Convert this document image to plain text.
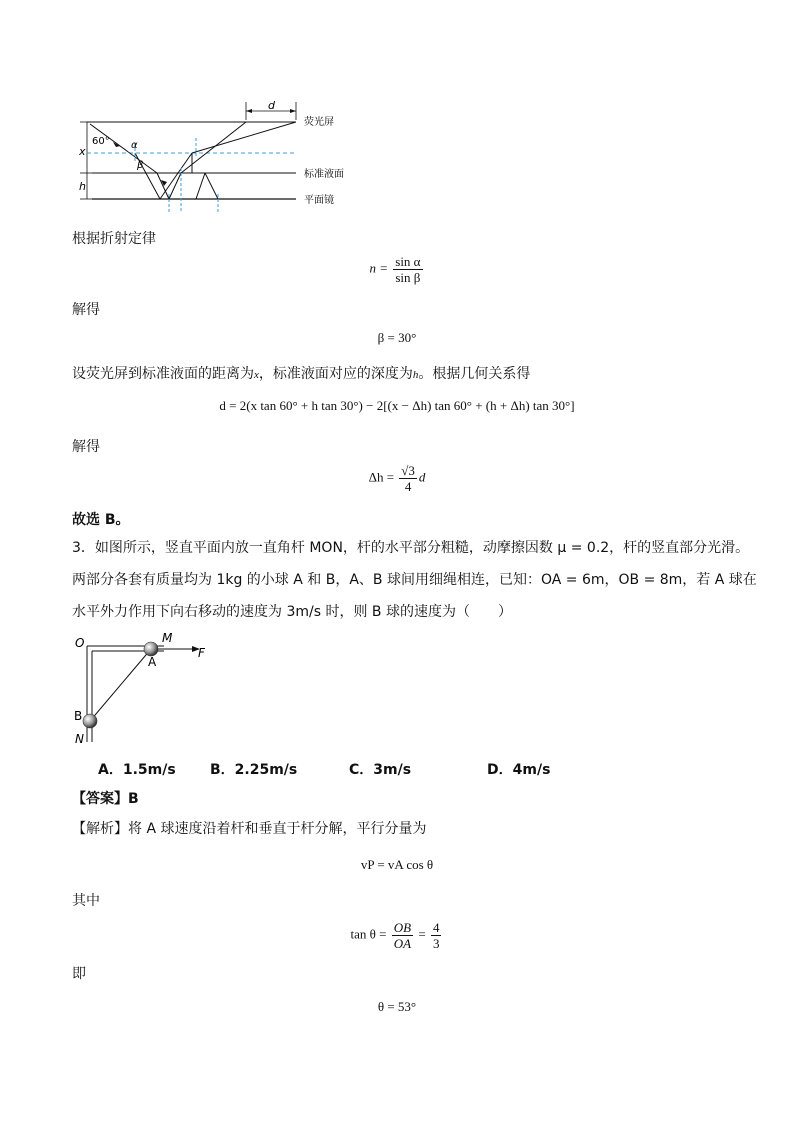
d
荧光屏
x
h
标准液面
平面镜
60° α
β
根据折射定律
$n = \frac{\text{sin α}}{\text{sin β}}$
解得
β = 30°
设荧光屏到标准液面的距离为x，标准液面对应的深度为h。根据几何关系得
d = 2(x tan 60° + h tan 30°) − 2[(x − Δh) tan 60° + (h + Δh) tan 30°]
解得
$\Delta h = \frac{√3}{4}$ d
故选 B。
3．如图所示，竖直平面内放一直角杆 MON，杆的水平部分粗糙，动摩擦因数 μ = 0.2，杆的竖直部分光滑。
两部分各套有质量均为 1kg 的小球 A 和 B，A、B 球间用细绳相连，已知：OA = 6m，OB = 8m，若 A 球在
水平外力作用下向右移动的速度为 3m/s 时，则 B 球的速度为（　　）
O	M
F
A
B
N
A．1.5m/s B．2.25m/s	C．3m/s	D．4m/s
【答案】B
【解析】将 A 球速度沿着杆和垂直于杆分解，平行分量为
vP = vA cos θ
其中
$\tan \theta = \frac{OB}{OA} = \frac{4}{3}$
即
θ = 53°
